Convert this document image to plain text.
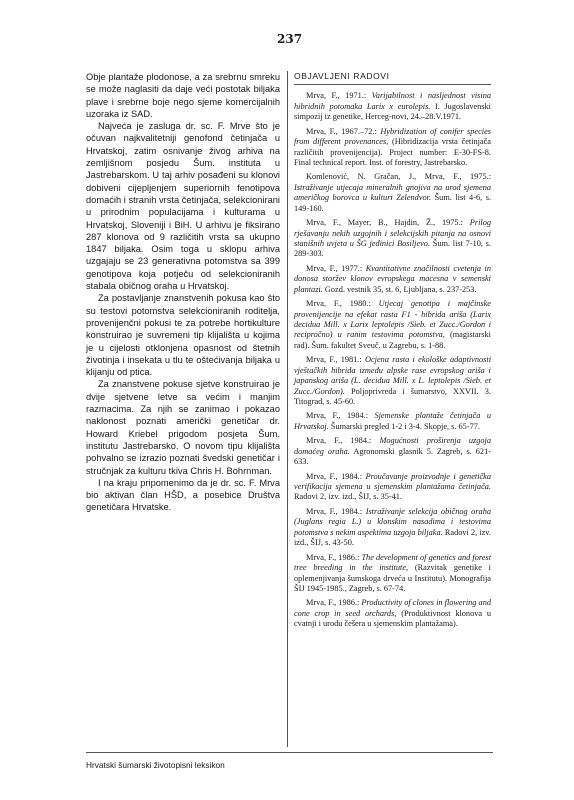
237

Obje plantaže plodonose, a za srebrnu smreku se može naglasiti da daje veći postotak biljaka plave i srebrne boje nego sjeme komercijalnih uzoraka iz SAD.

Najveća je zasluga dr. sc. F. Mrve što je očuvan najkvalitetniji genofond četinjača u Hrvatskoj, zatim osnivanje živog arhiva na zemljišnom posjedu Šum. instituta u Jastrebarskom. U taj arhiv posađeni su klonovi dobiveni cijepljenjem superiornih fenotipova domaćih i stranih vrsta četinjača, selekcionirani u prirodnim populacijama i kulturama u Hrvatskoj, Sloveniji i BiH. U arhivu je fiksirano 287 klonova od 9 različitih vrsta sa ukupno 1847 biljaka. Osim toga u sklopu arhiva uzgajaju se 23 generativna potomstva sa 399 genotipova koja potječu od selekcioniranih stabala običnog oraha u Hrvatskoj.

Za postavljanje znanstvenih pokusa kao što su testovi potomstva selekcioniranih roditelja, provenijenčni pokusi te za potrebe hortikulture konstruirao je suvremeni tip klijališta u kojima je u cijelosti otklonjena opasnost od štetnih životinja i insekata u tlu te oštećivanja biljaka u klijanju od ptica.

Za znanstvene pokuse sjetve konstruirao je dvije sjetvene letve sa većim i manjim razmacima. Za njih se zanimao i pokazao naklonost poznati američki genetičar dr. Howard Kriebel prigodom posjeta Šum. institutu Jastrebarsko. O novom tipu klijališta pohvalno se izrazio poznati švedski genetičar i stručnjak za kulturu tkiva Chris H. Bohrnman.

I na kraju pripomenimo da je dr. sc. F. Mrva bio aktivan član HŠD, a posebice Društva genetičara Hrvatske.

OBJAVLJENI RADOVI
Mrva, F., 1971.: Varijabilnost i nasljednost visina hibridnih potomaka Larix x eurolepis. I. Jugoslavenski simpozij iz genetike, Herceg-novi, 24.–28.V.1971.
Mrva, F., 1967.–72.: Hybridization of conifer species from different provenances, (Hibridizacija vrsta četinjača različitih provenijencija). Project number: E-30-FS-8. Final technical report. Inst. of forestry, Jastrebarsko.
Komlenović, N. Gračan, J., Mrva, F., 1975.: Istraživanje utjecaja mineralnih gnojiva na urod sjemena američkog borovca u kulturi Zelendvor. Šum. list 4-6, s. 149-160.
Mrva, F., Mayer, B., Hajdin, Ž., 1975.: Prilog rješavanju nekih uzgojnih i selekcijskih pitanja na osnovi stanišnih uvjeta u ŠG jedinici Bosiljevo. Šum. list 7-10, s. 289-303.
Mrva, F., 1977.: Kvantitativne značilnosti cvetenja in donosa storžev klonov evropskega macesna v semenski plantazi. Gozd. vestnik 35, st. 6, Ljubljana, s. 237-253.
Mrva, F., 1980.: Utjecaj genotipa i majčinske provenijencije na efekat rasta F1 - hibrida ariša (Larix decidua Mill. x Larix leptolepis /Sieb. et Zucc./Gordon i recipročno) u ranim testovima potomstva, (magistarski rad). Šum. fakultet Sveuč. u Zagrebu, s. 1-88.
Mrva, F., 1981.: Ocjena rasta i ekološke adaptivnosti vještačkih hibrida između alpske rase evropskog ariša i japanskog ariša (L. decidua Mill. x L. leptolepis /Sieb. et Zucc./Gordon). Poljoprivreda i šumarstvo, XXVII. 3. Titograd, s. 45-60.
Mrva, F., 1984.: Sjemenske plantaže četinjača u Hrvatskoj. Šumarski pregled 1-2 i 3-4. Skopje, s. 65-77.
Mrva, F., 1984.: Mogućnosti proširenja uzgoja domaćeg oraha. Agronomski glasnik 5. Zagreb, s. 621-633.
Mrva, F., 1984.: Proučavanje proizvodnje i genetička verifikacija sjemena u sjemenskim plantažama četinjača. Radovi 2, izv. izd., ŠIJ, s. 35-41.
Mrva, F., 1984.: Istraživanje selekcija običnog oraha (Juglans regia L.) u klonskim nasadima i testovima potomstva s nekim aspektima uzgoja biljaka. Radovi 2, izv. izd., ŠIJ, s. 43-50.
Mrva, F., 1986.: The development of genetics and forest tree breeding in the institute, (Razvitak genetike i oplemenjivanja šumskoga drveća u Institutu). Monografija ŠIJ 1945-1985., Zagreb, s. 67-74.
Mrva, F., 1986.: Productivity of clones in flowering and cone crop in seed orchards, (Produktivnost klonova u cvatnji i urodu češera u sjemenskim plantažama).
Hrvatski šumarski životopisni leksikon
